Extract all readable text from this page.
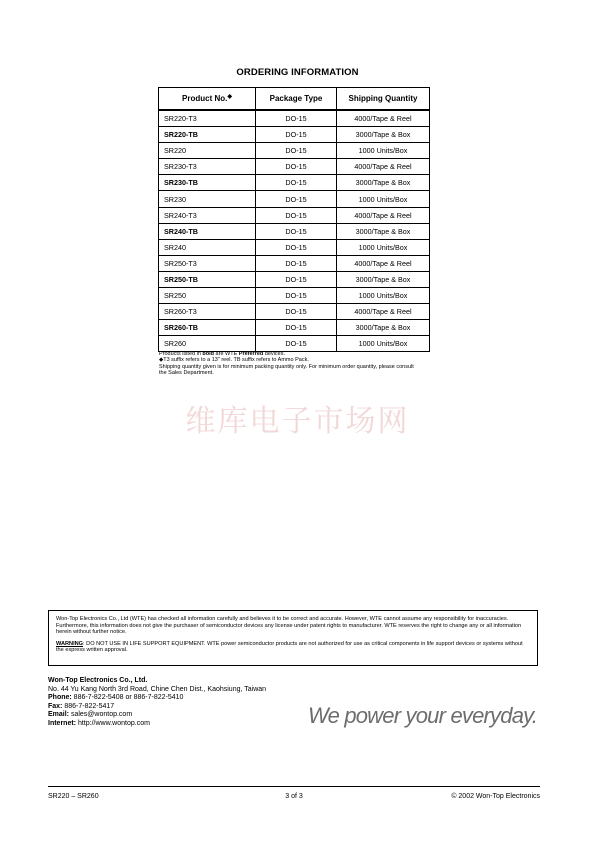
ORDERING INFORMATION
Product No.◆	Package Type	Shipping Quantity
SR220-T3	DO-15	4000/Tape & Reel
SR220-TB	DO-15	3000/Tape & Box
SR220	DO-15	1000 Units/Box
SR230-T3	DO-15	4000/Tape & Reel
SR230-TB	DO-15	3000/Tape & Box
SR230	DO-15	1000 Units/Box
SR240-T3	DO-15	4000/Tape & Reel
SR240-TB	DO-15	3000/Tape & Box
SR240	DO-15	1000 Units/Box
SR250-T3	DO-15	4000/Tape & Reel
SR250-TB	DO-15	3000/Tape & Box
SR250	DO-15	1000 Units/Box
SR260-T3	DO-15	4000/Tape & Reel
SR260-TB	DO-15	3000/Tape & Box
SR260	DO-15	1000 Units/Box

Products listed in bold are WTE Preferred devices.

◆T3 suffix refers to a 13" reel. TB suffix refers to Ammo Pack.

Shipping quantity given is for minimum packing quantity only. For minimum order quantity, please consult the Sales Department.

维库电子市场网

Won-Top Electronics Co., Ltd (WTE) has checked all information carefully and believes it to be correct and accurate. However, WTE cannot assume any responsibility for inaccuracies. Furthermore, this information does not give the purchaser of semiconductor devices any license under patent rights to manufacturer. WTE reserves the right to change any or all information herein without further notice.

WARNING: DO NOT USE IN LIFE SUPPORT EQUIPMENT. WTE power semiconductor products are not authorized for use as critical components in life support devices or systems without the express written approval.

Won-Top Electronics Co., Ltd.
No. 44 Yu Kang North 3rd Road, Chine Chen Dist., Kaohsiung, Taiwan
Phone: 886-7-822-5408 or 886-7-822-5410
Fax: 886-7-822-5417
Email: sales@wontop.com
Internet: http://www.wontop.com	We power your everyday.
SR220 – SR260	3 of 3	© 2002 Won-Top Electronics
